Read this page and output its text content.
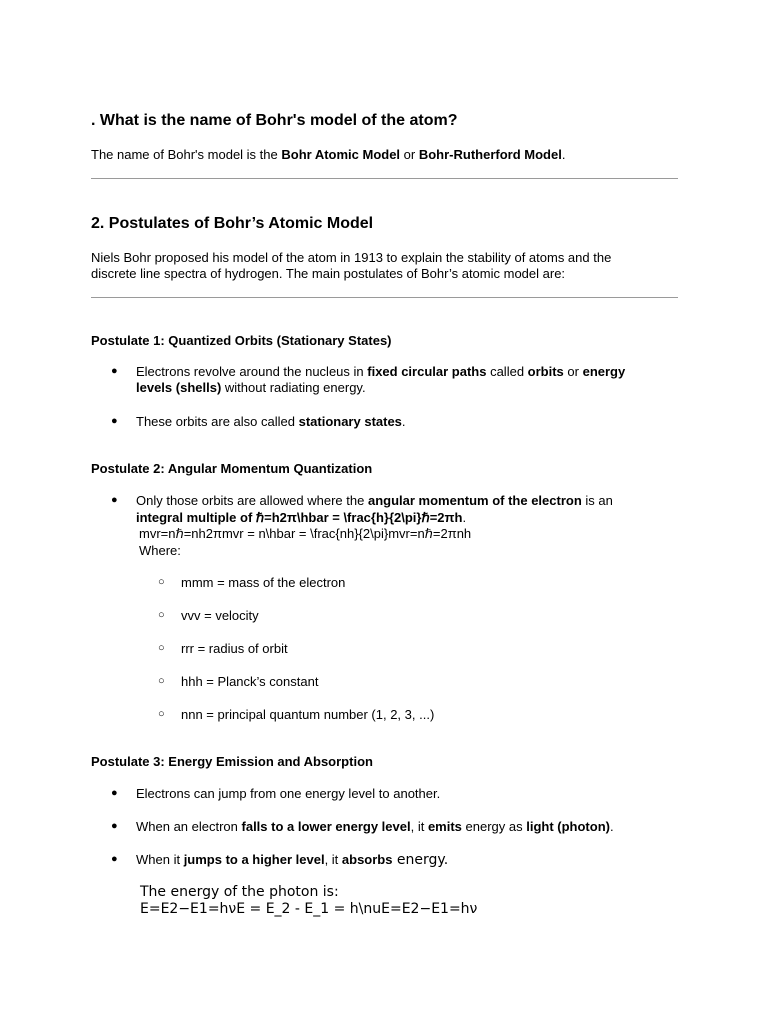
. What is the name of Bohr's model of the atom?

The name of Bohr's model is the Bohr Atomic Model or Bohr-Rutherford Model.

2. Postulates of Bohr’s Atomic Model

Niels Bohr proposed his model of the atom in 1913 to explain the stability of atoms and the

discrete line spectra of hydrogen. The main postulates of Bohr’s atomic model are:

Postulate 1: Quantized Orbits (Stationary States)
● Electrons revolve around the nucleus in fixed circular paths called orbits or energy
levels (shells) without radiating energy.
● These orbits are also called stationary states.
Postulate 2: Angular Momentum Quantization
● Only those orbits are allowed where the angular momentum of the electron is an
integral multiple of ℏ=h2π\hbar = \frac{h}{2\pi}ℏ=2πh.
mvr=nℏ=nh2πmvr = n\hbar = \frac{nh}{2\pi}mvr=nℏ=2πnh
Where:
○ mmm = mass of the electron
○ vvv = velocity
○ rrr = radius of orbit
○ hhh = Planck’s constant
○ nnn = principal quantum number (1, 2, 3, ...)
Postulate 3: Energy Emission and Absorption
● Electrons can jump from one energy level to another.
● When an electron falls to a lower energy level, it emits energy as light (photon).
● When it jumps to a higher level, it absorbs energy.
The energy of the photon is:
E=E2−E1=hνE = E_2 - E_1 = h\nuE=E2−E1=hν
